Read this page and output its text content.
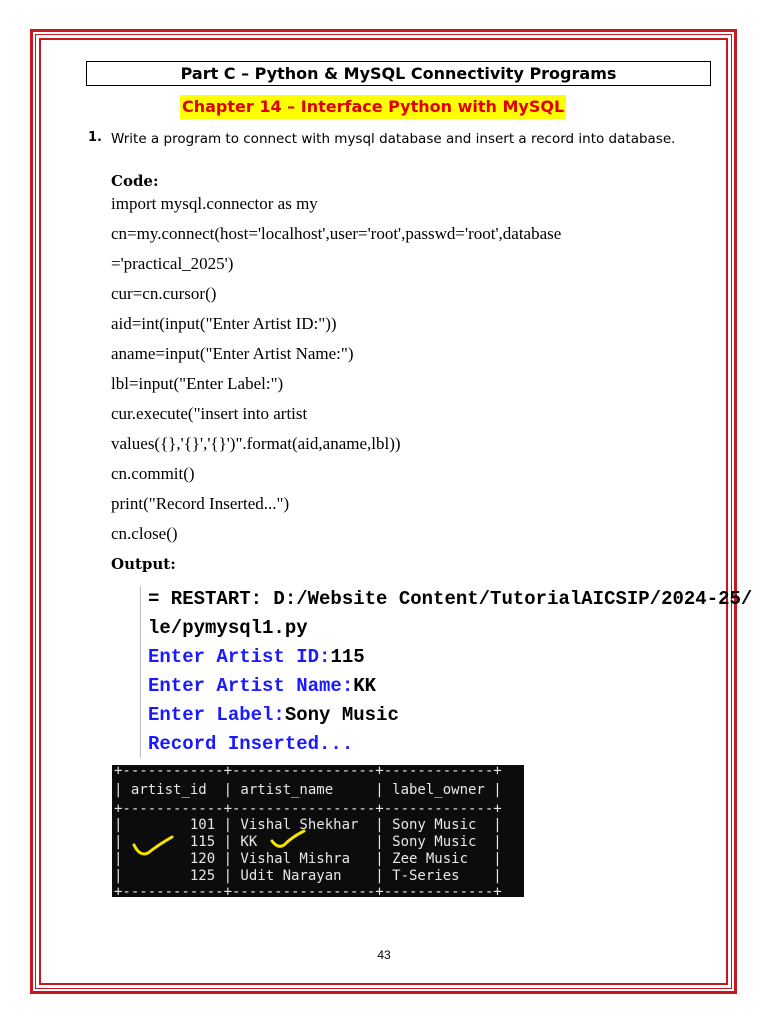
Part C – Python & MySQL Connectivity Programs
Chapter 14 – Interface Python with MySQL
1. Write a program to connect with mysql database and insert a record into database.
Code:
import mysql.connector as my
cn=my.connect(host='localhost',user='root',passwd='root',database
='practical_2025')
cur=cn.cursor()
aid=int(input("Enter Artist ID:"))
aname=input("Enter Artist Name:")
lbl=input("Enter Label:")
cur.execute("insert into artist
values({},'{}','{}')".format(aid,aname,lbl))
cn.commit()
print("Record Inserted...")
cn.close()
Output:
= RESTART: D:/Website Content/TutorialAICSIP/2024-25/
le/pymysql1.py
Enter Artist ID:115
Enter Artist Name:KK
Enter Label:Sony Music
Record Inserted...
+------------+-----------------+-------------+
| artist_id  | artist_name     | label_owner |
+------------+-----------------+-------------+
|        101 | Vishal Shekhar  | Sony Music  |
|        115 | KK              | Sony Music  |
|        120 | Vishal Mishra   | Zee Music   |
|        125 | Udit Narayan    | T-Series    |
+------------+-----------------+-------------+
43
